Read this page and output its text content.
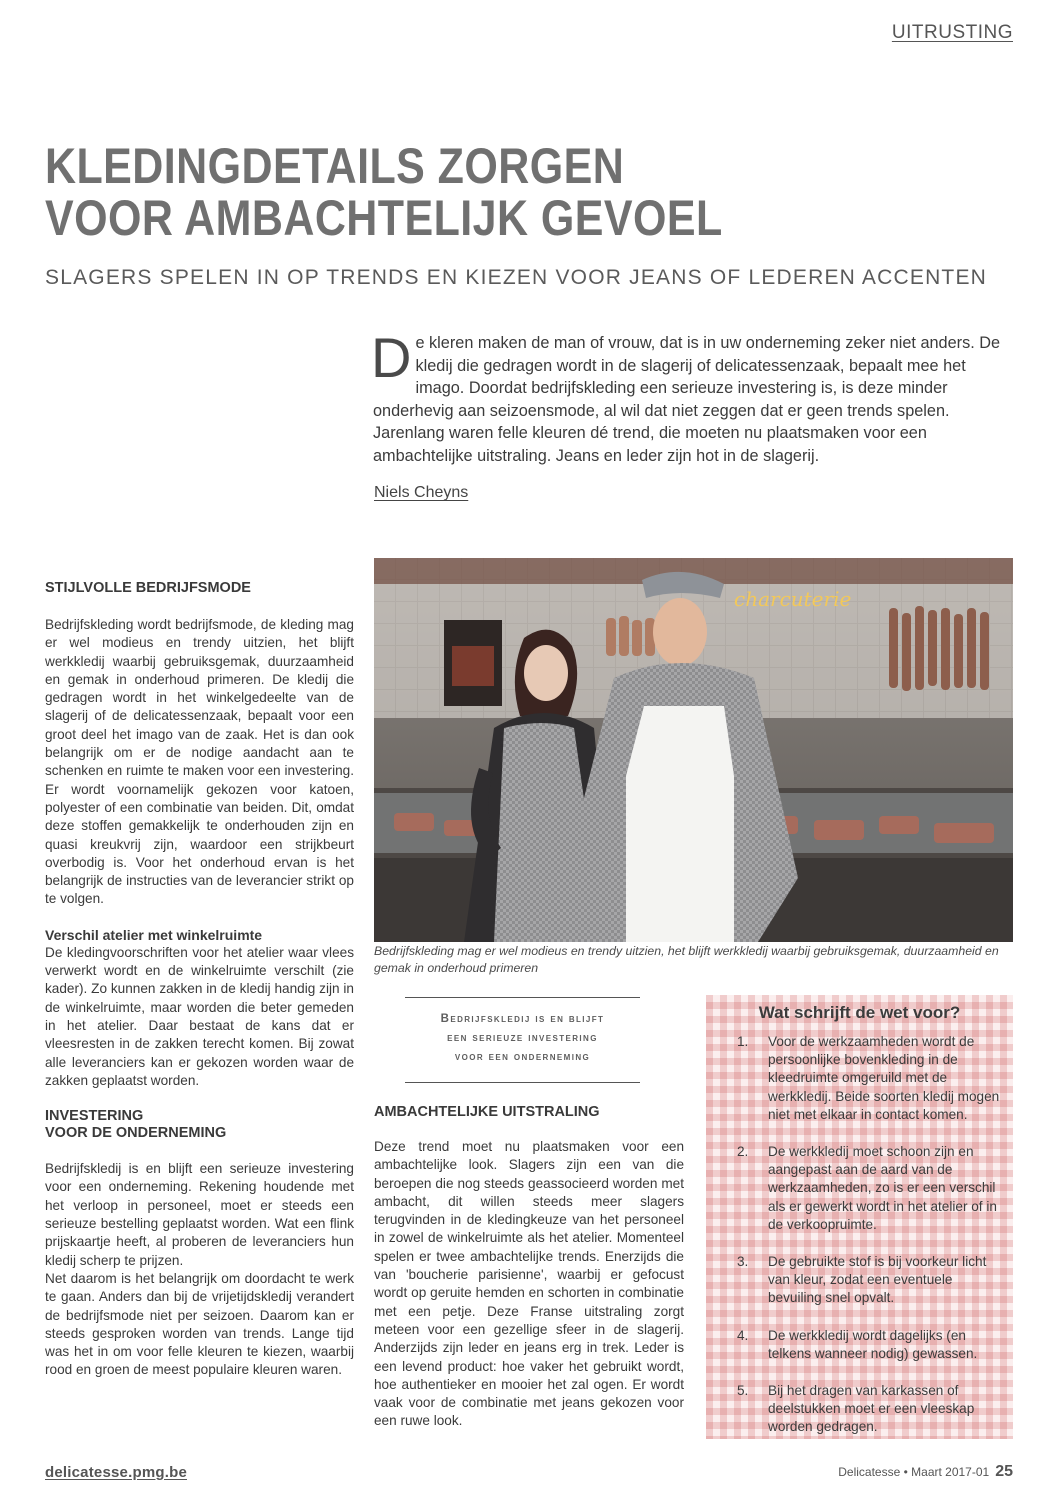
UITRUSTING
KLEDINGDETAILS ZORGEN
VOOR AMBACHTELIJK GEVOEL
SLAGERS SPELEN IN OP TRENDS EN KIEZEN VOOR JEANS OF LEDEREN ACCENTEN

D e kleren maken de man of vrouw, dat is in uw onderneming zeker niet anders. De kledij die gedragen wordt in de slagerij of delicatessenzaak, bepaalt mee het imago. Doordat bedrijfskleding een serieuze investering is, is deze minder onderhevig aan seizoensmode, al wil dat niet zeggen dat er geen trends spelen. Jarenlang waren felle kleuren dé trend, die moeten nu plaatsmaken voor een ambachtelijke uitstraling. Jeans en leder zijn hot in de slagerij.

Niels Cheyns
STIJLVOLLE BEDRIJFSMODE

Bedrijfskleding wordt bedrijfsmode, de kleding mag er wel modieus en trendy uitzien, het blijft werkkledij waarbij gebruiksgemak, duurzaamheid en gemak in onderhoud primeren. De kledij die gedragen wordt in het winkelgedeelte van de slagerij of de delicatessenzaak, bepaalt voor een groot deel het imago van de zaak. Het is dan ook belangrijk om er de nodige aandacht aan te schenken en ruimte te maken voor een investering. Er wordt voornamelijk gekozen voor katoen, polyester of een combinatie van beiden. Dit, omdat deze stoffen gemakkelijk te onderhouden zijn en quasi kreukvrij zijn, waardoor een strijkbeurt overbodig is. Voor het onderhoud ervan is het belangrijk de instructies van de leverancier strikt op te volgen.

Verschil atelier met winkelruimte

De kledingvoorschriften voor het atelier waar vlees verwerkt wordt en de winkelruimte verschilt (zie kader). Zo kunnen zakken in de kledij handig zijn in de winkelruimte, maar worden die beter gemeden in het atelier. Daar bestaat de kans dat er vleesresten in de zakken terecht komen. Bij zowat alle leveranciers kan er gekozen worden waar de zakken geplaatst worden.

INVESTERING
VOOR DE ONDERNEMING

Bedrijfskledij is en blijft een serieuze investering voor een onderneming. Rekening houdende met het verloop in personeel, moet er steeds een serieuze bestelling geplaatst worden. Wat een flink prijskaartje heeft, al proberen de leveranciers hun kledij scherp te prijzen.

Net daarom is het belangrijk om doordacht te werk te gaan. Anders dan bij de vrijetijdskledij verandert de bedrijfsmode niet per seizoen. Daarom kan er steeds gesproken worden van trends. Lange tijd was het in om voor felle kleuren te kiezen, waarbij rood en groen de meest populaire kleuren waren.

charcuterie

Bedrijfskleding mag er wel modieus en trendy uitzien, het blijft werkkledij waarbij gebruiksgemak, duurzaamheid en gemak in onderhoud primeren

Bedrijfskledij is en blijft
een serieuze investering
voor een onderneming
AMBACHTELIJKE UITSTRALING

Deze trend moet nu plaatsmaken voor een ambachtelijke look. Slagers zijn een van die beroepen die nog steeds geassocieerd worden met ambacht, dit willen steeds meer slagers terugvinden in de kledingkeuze van het personeel in zowel de winkelruimte als het atelier. Momenteel spelen er twee ambachtelijke trends. Enerzijds die van 'boucherie parisienne', waarbij er gefocust wordt op geruite hemden en schorten in combinatie met een petje. Deze Franse uitstraling zorgt meteen voor een gezellige sfeer in de slagerij. Anderzijds zijn leder en jeans erg in trek. Leder is een levend product: hoe vaker het gebruikt wordt, hoe authentieker en mooier het zal ogen. Er wordt vaak voor de combinatie met jeans gekozen voor een ruwe look.

Wat schrijft de wet voor?
1. Voor de werkzaamheden wordt de persoonlijke bovenkleding in de kleedruimte omgeruild met de werkkledij. Beide soorten kledij mogen niet met elkaar in contact komen.
2. De werkkledij moet schoon zijn en aangepast aan de aard van de werkzaamheden, zo is er een verschil als er gewerkt wordt in het atelier of in de verkoopruimte.
3. De gebruikte stof is bij voorkeur licht van kleur, zodat een eventuele bevuiling snel opvalt.
4. De werkkledij wordt dagelijks (en telkens wanneer nodig) gewassen.
5. Bij het dragen van karkassen of deelstukken moet er een vleeskap worden gedragen.
delicatesse.pmg.be	Delicatesse • Maart 2017-01 25
